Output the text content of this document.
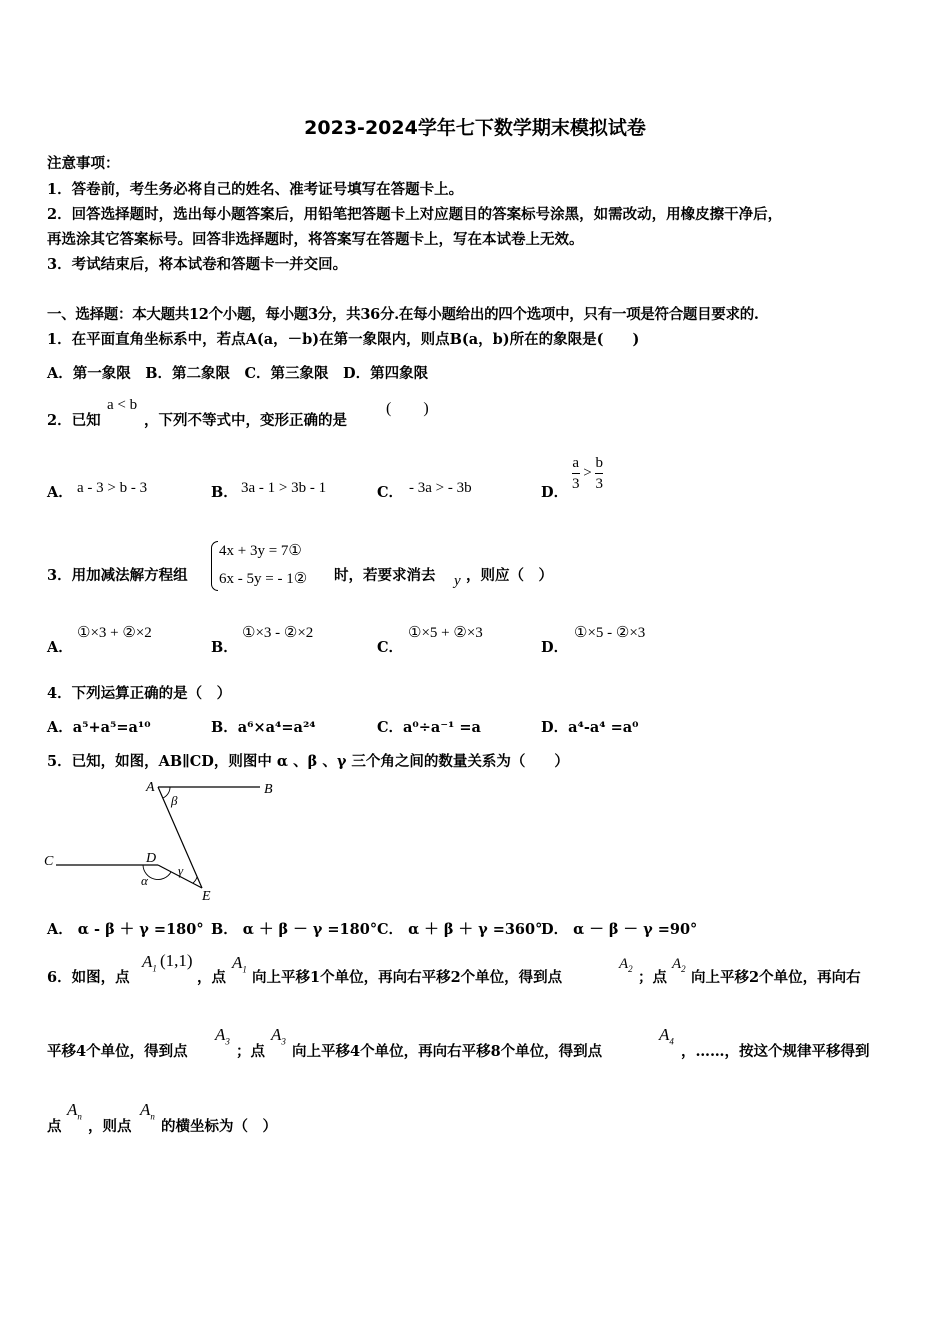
2023-2024学年七下数学期末模拟试卷
注意事项：
1．答卷前，考生务必将自己的姓名、准考证号填写在答题卡上。
2．回答选择题时，选出每小题答案后，用铅笔把答题卡上对应题目的答案标号涂黑，如需改动，用橡皮擦干净后，
再选涂其它答案标号。回答非选择题时，将答案写在答题卡上，写在本试卷上无效。
3．考试结束后，将本试卷和答题卡一并交回。
一、选择题：本大题共12个小题，每小题3分，共36分.在每小题给出的四个选项中，只有一项是符合题目要求的.
1．在平面直角坐标系中，若点A(a，－b)在第一象限内，则点B(a，b)所在的象限是(　　)
A．第一象限　B．第二象限　C．第三象限　D．第四象限
2．已知
a < b
，下列不等式中，变形正确的是
(　　)
A． a - 3 > b - 3	B． 3a - 1 > 3b - 1	C． - 3a > - 3b	D． $\frac{a}{3} > \frac{b}{3}$
3．用加减法解方程组
4x + 3y = 7①
6x - 5y = - 1② 时，若要求消去 y ，则应（　）
A．
①×3 + ②×2
B．
①×3 - ②×2
C．
①×5 + ②×3
D．
①×5 - ②×3
4．下列运算正确的是（　）
A．a⁵+a⁵=a¹⁰	B．a⁶×a⁴=a²⁴	C．a⁰÷a⁻¹ =a	D．a⁴-a⁴ =a⁰
5．已知，如图，AB∥CD，则图中 α 、β 、γ 三个角之间的数量关系为（　　）
A	B
C	D
E
α
β
γ
A． α - β ＋ γ =180° B． α ＋ β － γ =180° C． α ＋ β ＋ γ =360°
D． α － β － γ =90°
6．如图，点
$A_1$ (1,1)
，点
$A_1$ 向上平移1个单位，再向右平移2个单位，得到点
$A_2$ ；点
$A_2$ 向上平移2个单位，再向右
平移4个单位，得到点
$A_3$
；点
$A_3$
向上平移4个单位，再向右平移8个单位，得到点
$A_4$
，……，按这个规律平移得到
点
$A_n$
，则点
$A_n$
的横坐标为（　）
